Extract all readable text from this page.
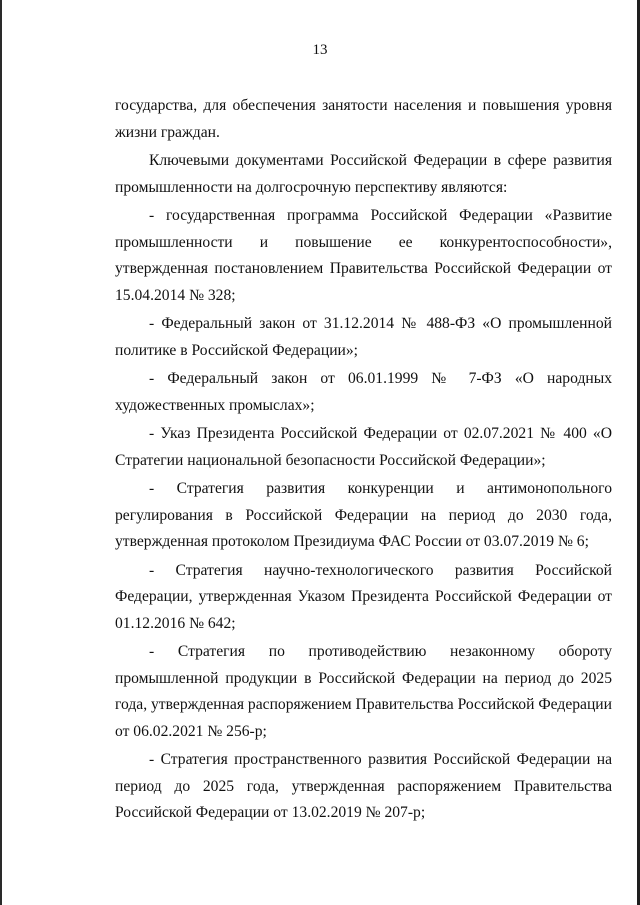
13

государства, для обеспечения занятости населения и повышения уровня жизни граждан.

Ключевыми документами Российской Федерации в сфере развития промышленности на долгосрочную перспективу являются:

- государственная программа Российской Федерации «Развитие промышленности и повышение ее конкурентоспособности», утвержденная постановлением Правительства Российской Федерации от 15.04.2014 № 328;

- Федеральный закон от 31.12.2014 № 488-ФЗ «О промышленной политике в Российской Федерации»;

- Федеральный закон от 06.01.1999 № 7-ФЗ «О народных художественных промыслах»;

- Указ Президента Российской Федерации от 02.07.2021 № 400 «О Стратегии национальной безопасности Российской Федерации»;

- Стратегия развития конкуренции и антимонопольного регулирования в Российской Федерации на период до 2030 года, утвержденная протоколом Президиума ФАС России от 03.07.2019 № 6;

- Стратегия научно-технологического развития Российской Федерации, утвержденная Указом Президента Российской Федерации от 01.12.2016 № 642;

- Стратегия по противодействию незаконному обороту промышленной продукции в Российской Федерации на период до 2025 года, утвержденная распоряжением Правительства Российской Федерации от 06.02.2021 № 256-р;

- Стратегия пространственного развития Российской Федерации на период до 2025 года, утвержденная распоряжением Правительства Российской Федерации от 13.02.2019 № 207-р;
